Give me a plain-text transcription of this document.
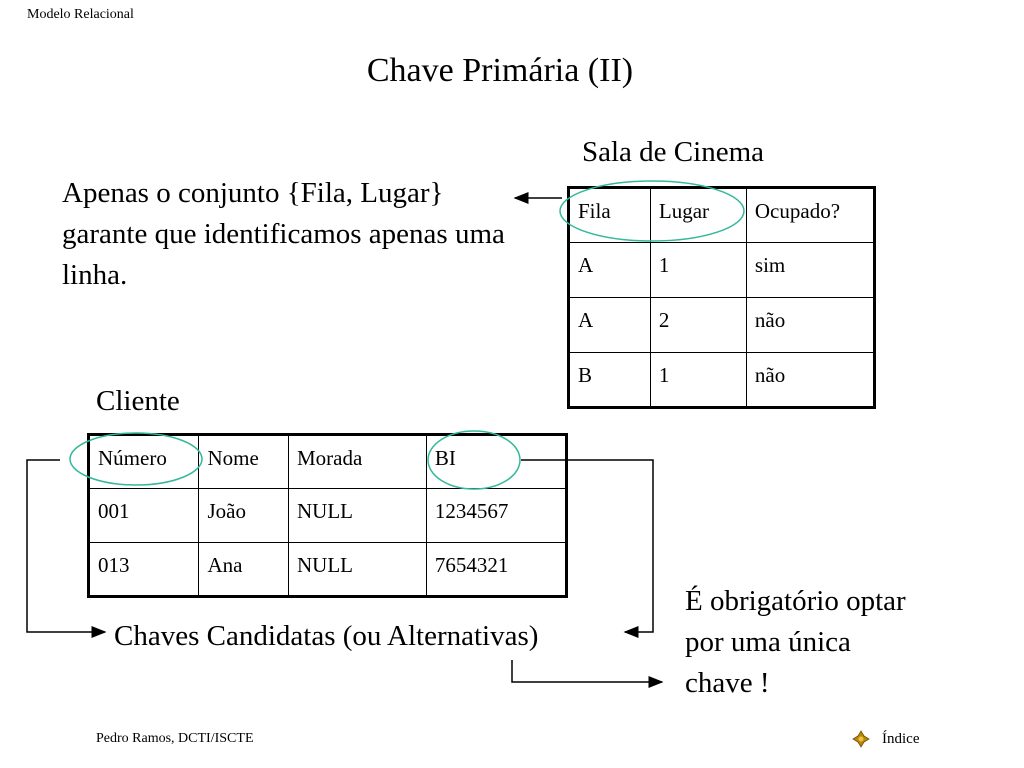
Modelo Relacional
Chave Primária (II)
Sala de Cinema
Apenas o conjunto {Fila, Lugar} garante que identificamos apenas uma linha.
Fila	Lugar	Ocupado?
A	1	sim
A	2	não
B	1	não
Cliente
Número	Nome	Morada	BI
001	João	NULL	1234567
013	Ana	NULL	7654321
Chaves Candidatas (ou Alternativas)
É obrigatório optar por uma única chave !
Pedro Ramos, DCTI/ISCTE	Índice
